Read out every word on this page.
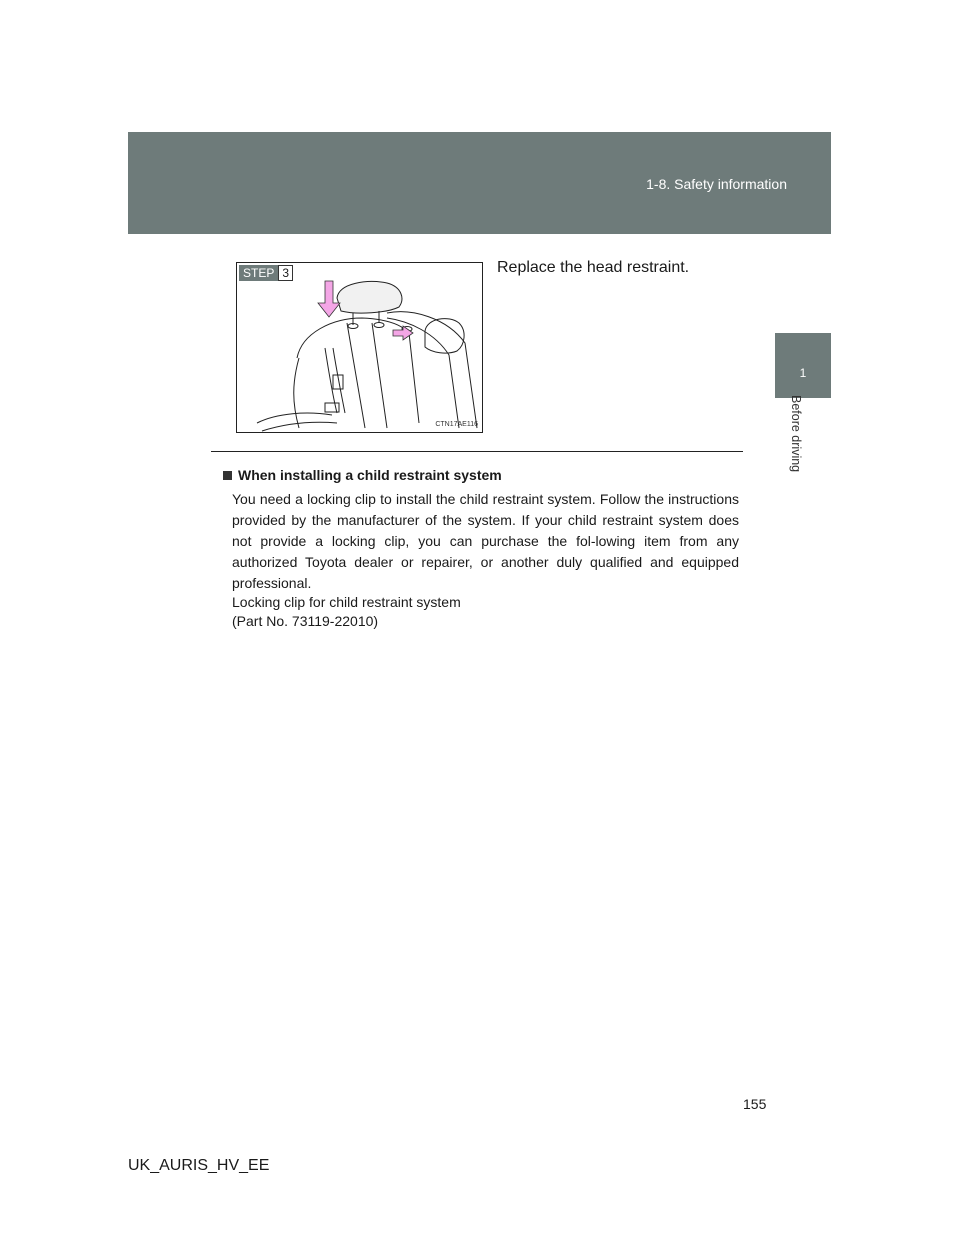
1-8. Safety information
1
Before driving
STEP 3
CTN17AE116
Replace the head restraint.
When installing a child restraint system

You need a locking clip to install the child restraint system. Follow the instructions provided by the manufacturer of the system. If your child restraint system does not provide a locking clip, you can purchase the fol-lowing item from any authorized Toyota dealer or repairer, or another duly qualified and equipped professional.

Locking clip for child restraint system
(Part No. 73119-22010)
155
UK_AURIS_HV_EE
